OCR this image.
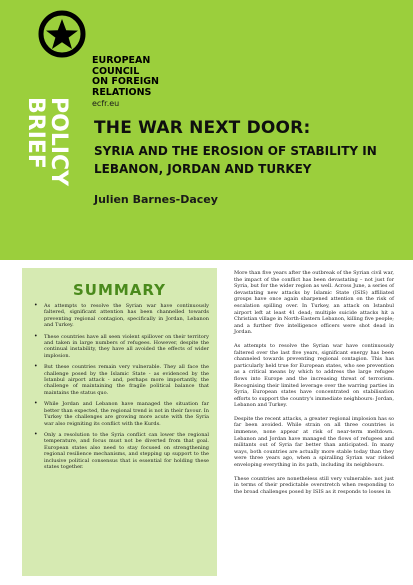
POLICY
BRIEF
EUROPEAN
COUNCIL
ON FOREIGN
RELATIONS
ecfr.eu
THE WAR NEXT DOOR:
SYRIA AND THE EROSION OF STABILITY IN LEBANON, JORDAN AND TURKEY

Julien Barnes-Dacey

SUMMARY
• As attempts to resolve the Syrian war have continuously faltered, significant attention has been channelled towards preventing regional contagion, specifically in Jordan, Lebanon and Turkey.
• These countries have all seen violent spillover on their territory and taken in large numbers of refugees. However, despite the continual instability, they have all avoided the effects of wider implosion.
• But these countries remain very vulnerable. They all face the challenge posed by the Islamic State - as evidenced by the Istanbul airport attack - and, perhaps more importantly, the challenge of maintaining the fragile political balance that maintains the status quo.
• While Jordan and Lebanon have managed the situation far better than expected, the regional trend is not in their favour. In Turkey the challenges are growing more acute with the Syria war also reigniting its conflict with the Kurds.
• Only a resolution to the Syria conflict can lower the regional temperature, and focus must not be diverted from that goal. European states also need to stay focused on strengthening regional resilience mechanisms, and stepping up support to the inclusive political consensus that is essential for holding these states together.

More than five years after the outbreak of the Syrian civil war, the impact of the conflict has been devastating – not just for Syria, but for the wider region as well. Across June, a series of devastating new attacks by Islamic State (ISIS) affiliated groups have once again sharpened attention on the risk of escalation spilling over. In Turkey, an attack on Istanbul airport left at least 41 dead; multiple suicide attacks hit a Christian village in North-Eastern Lebanon, killing five people; and a further five intelligence officers were shot dead in Jordan.

As attempts to resolve the Syrian war have continuously faltered over the last five years, significant energy has been channeled towards preventing regional contagion. This has particularly held true for European states, who see prevention as a critical means by which to address the large refugee flows into Europe and the increasing threat of terrorism. Recognising their limited leverage over the warring parties in Syria, European states have concentrated on stabilisation efforts to support the country's immediate neighbours: Jordan, Lebanon and Turkey.

Despite the recent attacks, a greater regional implosion has so far been avoided. While strain on all three countries is immense, none appear at risk of near-term meltdown. Lebanon and Jordan have managed the flows of refugees and militants out of Syria far better than anticipated. In many ways, both countries are actually more stable today than they were three years ago, when a spiralling Syrian war risked enveloping everything in its path, including its neighbours.

These countries are nonetheless still very vulnerable: not just in terms of their predictable overstretch when responding to the broad challenges posed by ISIS as it responds to losses in
